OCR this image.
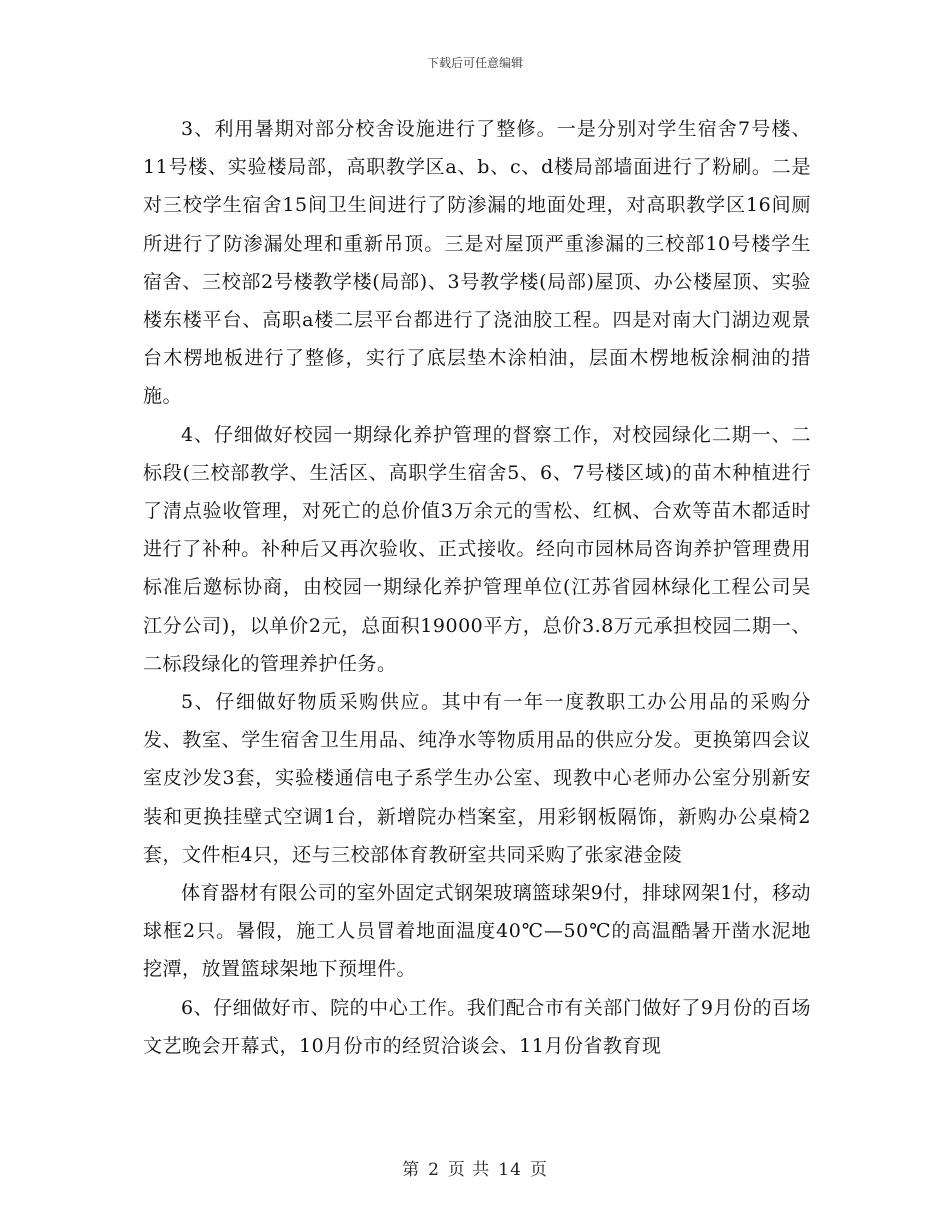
下载后可任意编辑

3、利用暑期对部分校舍设施进行了整修。一是分别对学生宿舍7号楼、11号楼、实验楼局部，高职教学区a、b、c、d楼局部墙面进行了粉刷。二是对三校学生宿舍15间卫生间进行了防渗漏的地面处理，对高职教学区16间厕所进行了防渗漏处理和重新吊顶。三是对屋顶严重渗漏的三校部10号楼学生宿舍、三校部2号楼教学楼(局部)、3号教学楼(局部)屋顶、办公楼屋顶、实验楼东楼平台、高职a楼二层平台都进行了浇油胶工程。四是对南大门湖边观景台木楞地板进行了整修，实行了底层垫木涂柏油，层面木楞地板涂桐油的措施。

4、仔细做好校园一期绿化养护管理的督察工作，对校园绿化二期一、二标段(三校部教学、生活区、高职学生宿舍5、6、7号楼区域)的苗木种植进行了清点验收管理，对死亡的总价值3万余元的雪松、红枫、合欢等苗木都适时进行了补种。补种后又再次验收、正式接收。经向市园林局咨询养护管理费用标准后邀标协商，由校园一期绿化养护管理单位(江苏省园林绿化工程公司吴江分公司)，以单价2元，总面积19000平方，总价3.8万元承担校园二期一、二标段绿化的管理养护任务。

5、仔细做好物质采购供应。其中有一年一度教职工办公用品的采购分发、教室、学生宿舍卫生用品、纯净水等物质用品的供应分发。更换第四会议室皮沙发3套，实验楼通信电子系学生办公室、现教中心老师办公室分别新安装和更换挂壁式空调1台，新增院办档案室，用彩钢板隔饰，新购办公桌椅2套，文件柜4只，还与三校部体育教研室共同采购了张家港金陵

体育器材有限公司的室外固定式钢架玻璃篮球架9付，排球网架1付，移动球框2只。暑假，施工人员冒着地面温度40℃—50℃的高温酷暑开凿水泥地挖潭，放置篮球架地下预埋件。

6、仔细做好市、院的中心工作。我们配合市有关部门做好了9月份的百场文艺晚会开幕式，10月份市的经贸洽谈会、11月份省教育现

第 2 页 共 14 页
